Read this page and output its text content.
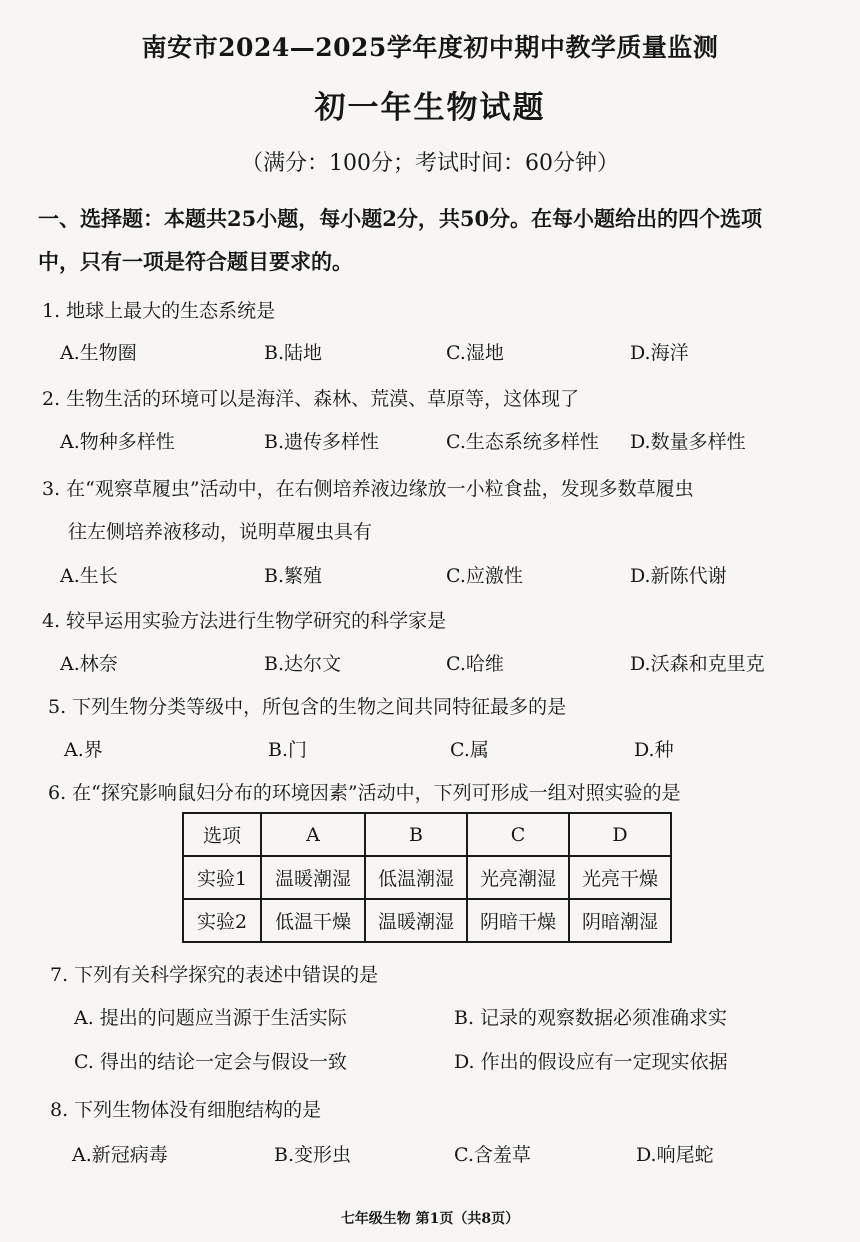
南安市2024—2025学年度初中期中教学质量监测
初一年生物试题
（满分：100分；考试时间：60分钟）
一、选择题：本题共25小题，每小题2分，共50分。在每小题给出的四个选项
中，只有一项是符合题目要求的。
1. 地球上最大的生态系统是
A.生物圈	B.陆地	C.湿地	D.海洋
2. 生物生活的环境可以是海洋、森林、荒漠、草原等，这体现了
A.物种多样性	B.遗传多样性	C.生态系统多样性 D.数量多样性
3. 在“观察草履虫”活动中，在右侧培养液边缘放一小粒食盐，发现多数草履虫
往左侧培养液移动，说明草履虫具有
A.生长	B.繁殖	C.应激性	D.新陈代谢
4. 较早运用实验方法进行生物学研究的科学家是
A.林奈	B.达尔文	C.哈维	D.沃森和克里克
5. 下列生物分类等级中，所包含的生物之间共同特征最多的是
A.界	B.门	C.属	D.种
6. 在“探究影响鼠妇分布的环境因素”活动中，下列可形成一组对照实验的是
选项	A	B	C	D
实验1	温暖潮湿	低温潮湿	光亮潮湿	光亮干燥
实验2	低温干燥	温暖潮湿	阴暗干燥	阴暗潮湿
7. 下列有关科学探究的表述中错误的是
A. 提出的问题应当源于生活实际	B. 记录的观察数据必须准确求实
C. 得出的结论一定会与假设一致	D. 作出的假设应有一定现实依据
8. 下列生物体没有细胞结构的是
A.新冠病毒	B.变形虫	C.含羞草	D.响尾蛇
七年级生物 第1页（共8页）
